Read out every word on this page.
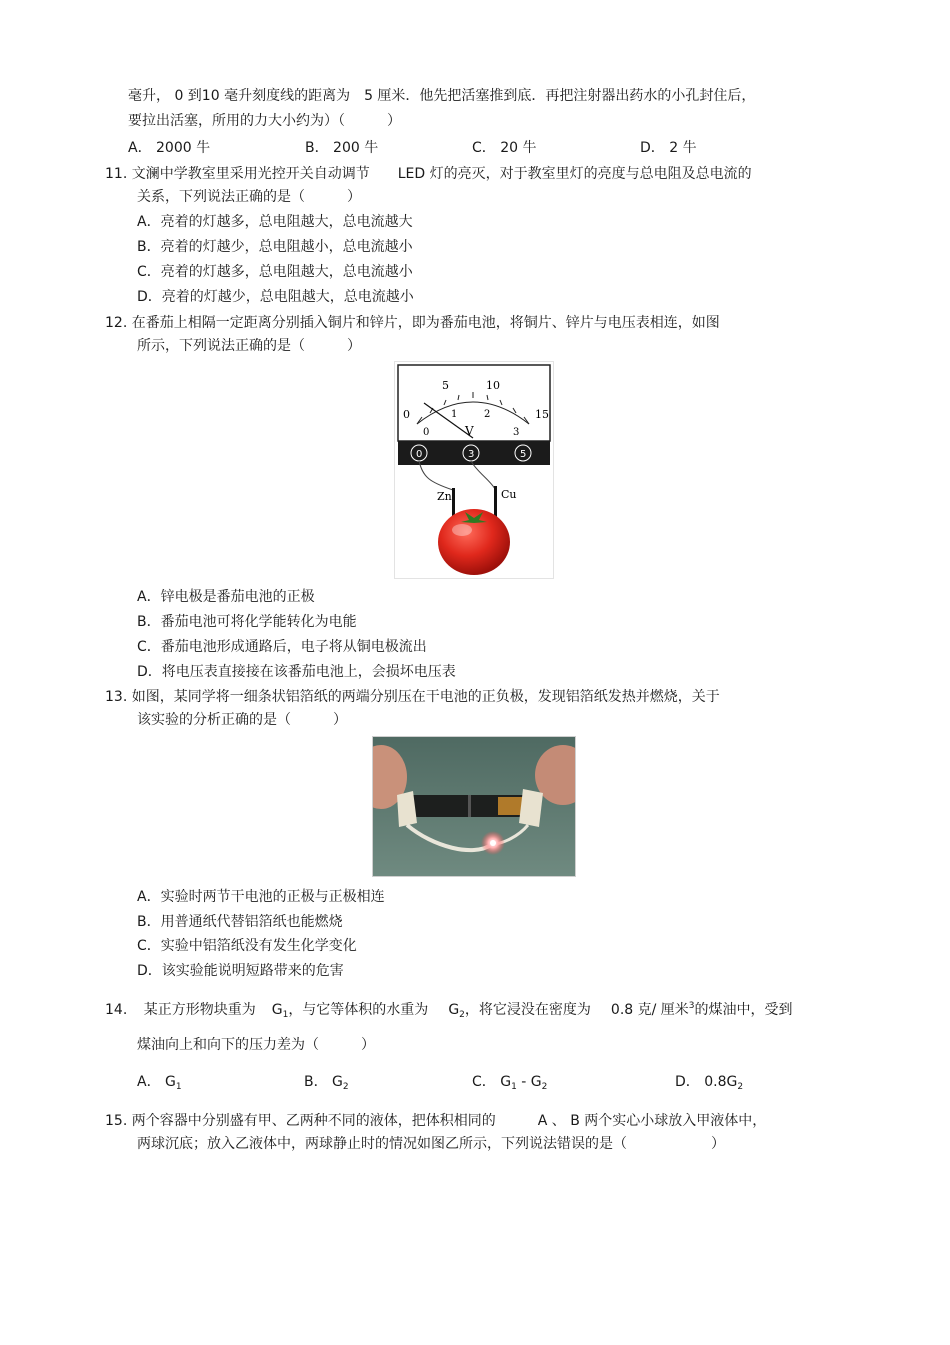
毫升， 0 到10 毫升刻度线的距离为　5 厘米．他先把活塞推到底．再把注射器出药水的小孔封住后，
要拉出活塞，所用的力大小约为）（　　　）
A． 2000 牛	B． 200 牛	C． 20 牛	D． 2 牛
11. 文澜中学教室里采用光控开关自动调节　　LED 灯的亮灭，对于教室里灯的亮度与总电阻及总电流的
关系，下列说法正确的是（　　　）
A．亮着的灯越多，总电阻越大，总电流越大
B．亮着的灯越少，总电阻越小，总电流越小
C．亮着的灯越多，总电阻越大，总电流越小
D．亮着的灯越少，总电阻越大，总电流越小
12. 在番茄上相隔一定距离分别插入铜片和锌片，即为番茄电池，将铜片、锌片与电压表相连，如图
所示，下列说法正确的是（　　　）
0
5	10
15
0
1	2
3
V
0	3	5
Zn	Cu
A．锌电极是番茄电池的正极
B．番茄电池可将化学能转化为电能
C．番茄电池形成通路后，电子将从铜电极流出
D．将电压表直接接在该番茄电池上，会损坏电压表
13. 如图，某同学将一细条状铝箔纸的两端分别压在干电池的正负极，发现铝箔纸发热并燃烧，关于
该实验的分析正确的是（　　　）
A．实验时两节干电池的正极与正极相连
B．用普通纸代替铝箔纸也能燃烧
C．实验中铝箔纸没有发生化学变化
D．该实验能说明短路带来的危害
14. 某正方形物块重为 $G_1$，与它等体积的水重为 $G_2$，将它浸没在密度为 0.8 克/ 厘米$^3$的煤油中，受到
煤油向上和向下的压力差为（　　　）
A． $G_1$	B． $G_2$	C． $G_1 - G_2$	D． $0.8G_2$
15. 两个容器中分别盛有甲、乙两种不同的液体，把体积相同的　　　A 、 B 两个实心小球放入甲液体中，
两球沉底；放入乙液体中，两球静止时的情况如图乙所示，下列说法错误的是（　　　　　　）
